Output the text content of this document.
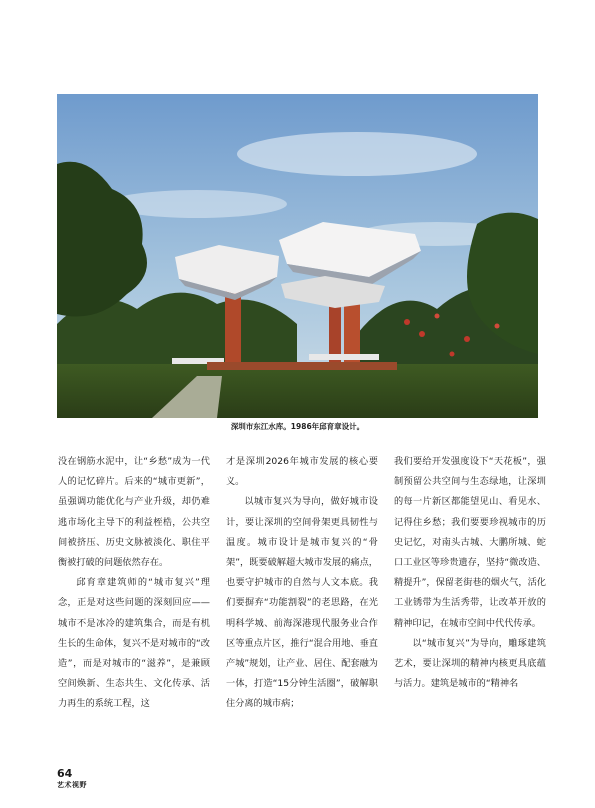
深圳市东江水库。1986年邱育章设计。

没在钢筋水泥中，让“乡愁”成为一代人的记忆碎片。后来的“城市更新”，虽强调功能优化与产业升级，却仍难逃市场化主导下的利益桎梏，公共空间被挤压、历史文脉被淡化、职住平衡被打破的问题依然存在。

邱育章建筑师的“城市复兴”理念，正是对这些问题的深刻回应——城市不是冰冷的建筑集合，而是有机生长的生命体，复兴不是对城市的“改造”，而是对城市的“滋养”，是兼顾空间焕新、生态共生、文化传承、活力再生的系统工程，这

才是深圳2026年城市发展的核心要义。

以城市复兴为导向，做好城市设计，要让深圳的空间骨架更具韧性与温度。城市设计是城市复兴的“骨架”，既要破解超大城市发展的痛点，也要守护城市的自然与人文本底。我们要摒弃“功能割裂”的老思路，在光明科学城、前海深港现代服务业合作区等重点片区，推行“混合用地、垂直产城”规划，让产业、居住、配套融为一体，打造“15分钟生活圈”，破解职住分离的城市病；

我们要给开发强度设下“天花板”，强制预留公共空间与生态绿地，让深圳的每一片新区都能望见山、看见水、记得住乡愁；我们要要珍视城市的历史记忆，对南头古城、大鹏所城、蛇口工业区等珍贵遗存，坚持“微改造、精提升”，保留老街巷的烟火气，活化工业锈带为生活秀带，让改革开放的精神印记，在城市空间中代代传承。

以“城市复兴”为导向，雕琢建筑艺术，要让深圳的精神内核更具底蕴与活力。建筑是城市的“精神名

64
艺术视野
